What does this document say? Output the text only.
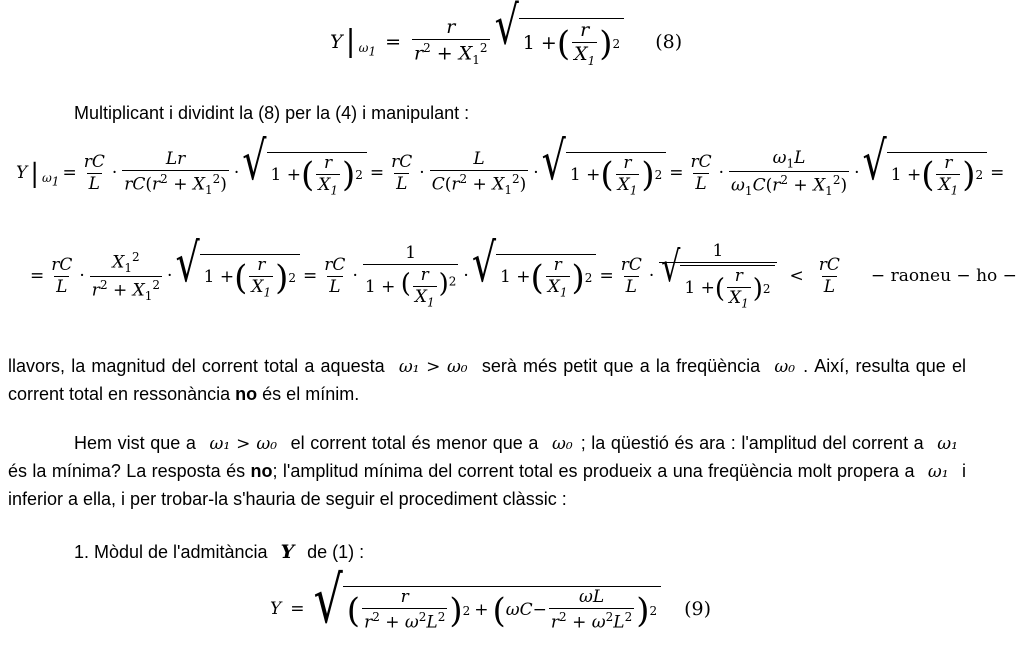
Y | $_{\omega_1} = \frac{r}{r^2 + X_1^2}$ √ 1 + ( $\frac{r}{X_1}$ ) 2 (8)
Multiplicant i dividint la (8) per la (4) i manipulant :
Y | $_{\omega_1} = \frac{rC}{L} \cdot \frac{Lr}{rC(r^2 + X_1^2)}$ · √ 1 + ( $\frac{r}{X_1}$ ) $2 = \frac{rC}{L} \cdot \frac{L}{C(r^2 + X_1^2)}$ · √ 1 + ( $\frac{r}{X_1}$ ) $2 = \frac{rC}{L} \cdot \frac{\omega_1L}{\omega_1C(r^2 + X_1^2)}$ · √ 1 + ( $\frac{r}{X_1}$ ) 2 =
= $\frac{rC}{L} \cdot \frac{X_1^2}{r^2 + X_1^2}$ · √ 1 + ( $\frac{r}{X_1}$ ) $2 = \frac{rC}{L} \cdot \frac{1}{1 + ( \frac{r}{X_1} )^2}$ · √ 1 + ( $\frac{r}{X_1}$ ) $2 = \frac{rC}{L} \cdot \frac{1}{√ 1 + ( \frac{r}{X_1} ) 2} < \frac{rC}{L}$ − raoneu − ho −

llavors, la magnitud del corrent total a aquesta ω₁ > ω₀ serà més petit que a la freqüència ω₀ . Així, resulta que el corrent total en ressonància no és el mínim.

Hem vist que a ω₁ > ω₀ el corrent total és menor que a ω₀ ; la qüestió és ara : l'amplitud del corrent a ω₁ és la mínima? La resposta és no; l'amplitud mínima del corrent total es produeix a una freqüència molt propera a ω₁ i inferior a ella, i per trobar-la s'hauria de seguir el procediment clàssic :

1. Mòdul de l'admitància Y de (1) :
Y = √ ( $\frac{r}{r^2 + \omega^2L^2}$ ) 2 + ( $\omega C - \frac{\omega L}{r^2 + \omega^2L^2}$ ) 2 (9)
